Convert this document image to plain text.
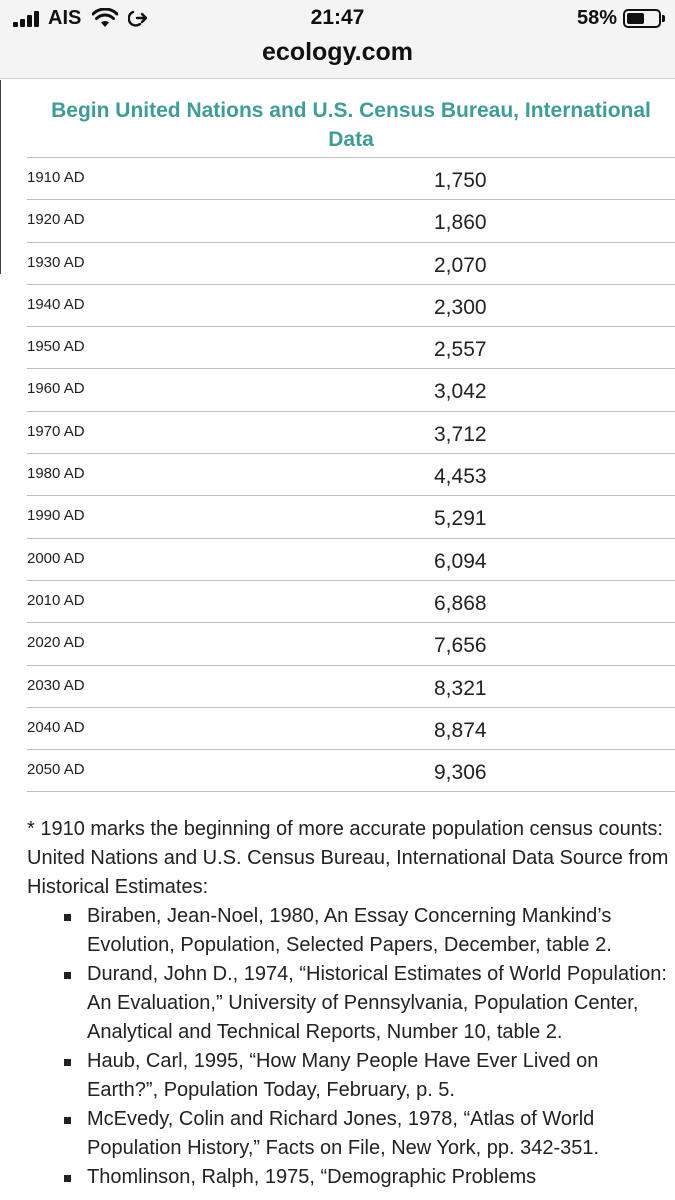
AIS	21:47	58%
ecology.com
Begin United Nations and U.S. Census Bureau, International Data
1910 AD	1,750
1920 AD	1,860
1930 AD	2,070
1940 AD	2,300
1950 AD	2,557
1960 AD	3,042
1970 AD	3,712
1980 AD	4,453
1990 AD	5,291
2000 AD	6,094
2010 AD	6,868
2020 AD	7,656
2030 AD	8,321
2040 AD	8,874
2050 AD	9,306

* 1910 marks the beginning of more accurate population census counts: United Nations and U.S. Census Bureau, International Data Source from Historical Estimates:

Biraben, Jean-Noel, 1980, An Essay Concerning Mankind’s Evolution, Population, Selected Papers, December, table 2.
Durand, John D., 1974, “Historical Estimates of World Population: An Evaluation,” University of Pennsylvania, Population Center, Analytical and Technical Reports, Number 10, table 2.
Haub, Carl, 1995, “How Many People Have Ever Lived on Earth?”, Population Today, February, p. 5.
McEvedy, Colin and Richard Jones, 1978, “Atlas of World Population History,” Facts on File, New York, pp. 342-351.
Thomlinson, Ralph, 1975, “Demographic Problems
